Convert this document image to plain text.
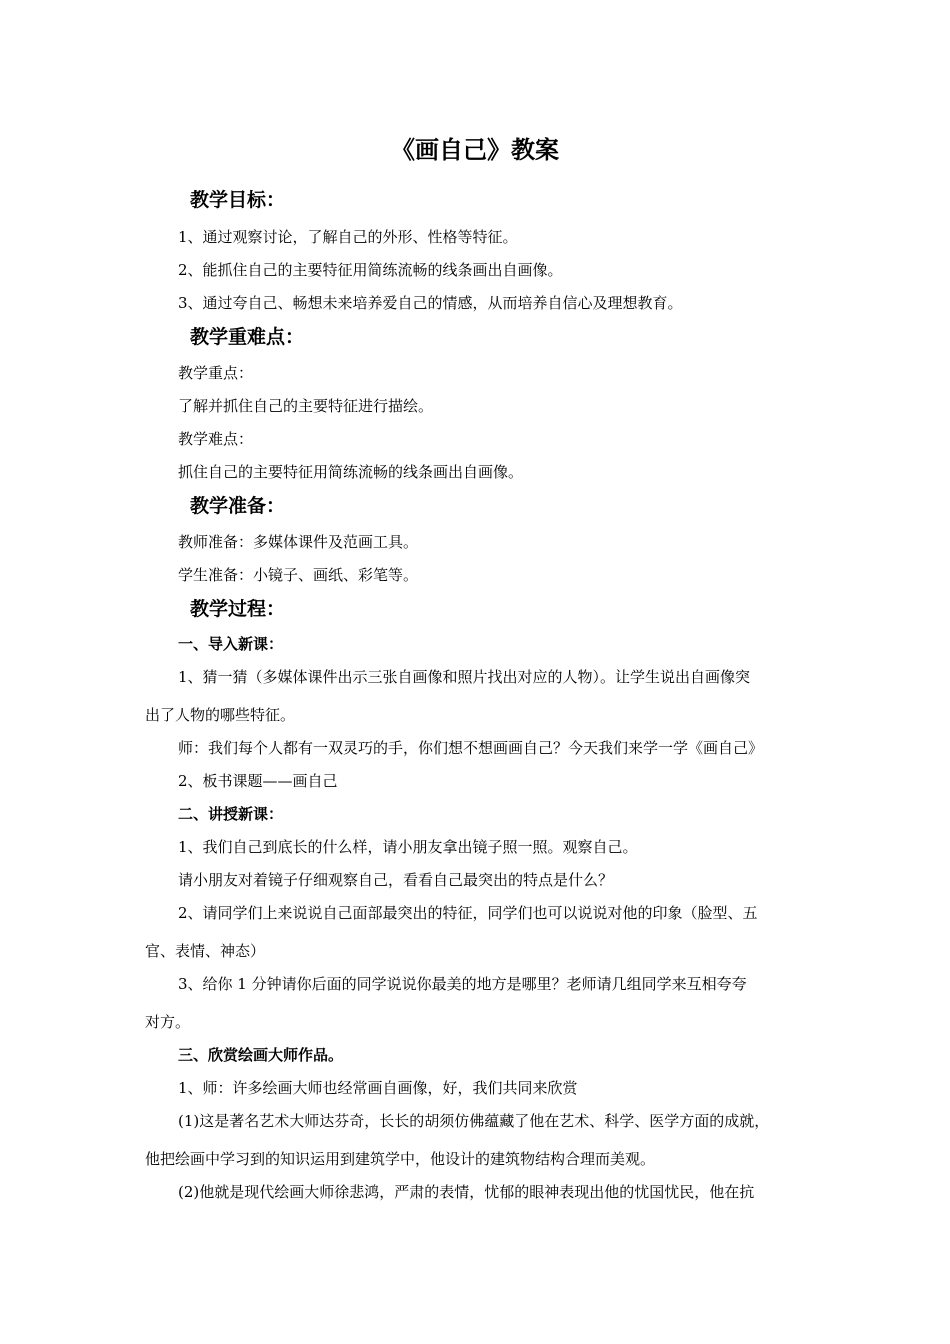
《画自己》教案
教学目标：
1、通过观察讨论，了解自己的外形、性格等特征。
2、能抓住自己的主要特征用简练流畅的线条画出自画像。
3、通过夸自己、畅想未来培养爱自己的情感，从而培养自信心及理想教育。
教学重难点：
教学重点：
了解并抓住自己的主要特征进行描绘。
教学难点：
抓住自己的主要特征用简练流畅的线条画出自画像。
教学准备：
教师准备：多媒体课件及范画工具。
学生准备：小镜子、画纸、彩笔等。
教学过程：
一、导入新课：
1、猜一猜（多媒体课件出示三张自画像和照片找出对应的人物）。让学生说出自画像突
出了人物的哪些特征。
师：我们每个人都有一双灵巧的手，你们想不想画画自己？今天我们来学一学《画自己》
2、板书课题——画自己
二、讲授新课：
1、我们自己到底长的什么样，请小朋友拿出镜子照一照。观察自己。
请小朋友对着镜子仔细观察自己，看看自己最突出的特点是什么？
2、请同学们上来说说自己面部最突出的特征，同学们也可以说说对他的印象（脸型、五
官、表情、神态）
3、给你 1 分钟请你后面的同学说说你最美的地方是哪里？老师请几组同学来互相夸夸
对方。
三、欣赏绘画大师作品。
1、师：许多绘画大师也经常画自画像，好，我们共同来欣赏
(1)这是著名艺术大师达芬奇，长长的胡须仿佛蕴藏了他在艺术、科学、医学方面的成就，
他把绘画中学习到的知识运用到建筑学中，他设计的建筑物结构合理而美观。
(2)他就是现代绘画大师徐悲鸿，严肃的表情，忧郁的眼神表现出他的忧国忧民，他在抗
